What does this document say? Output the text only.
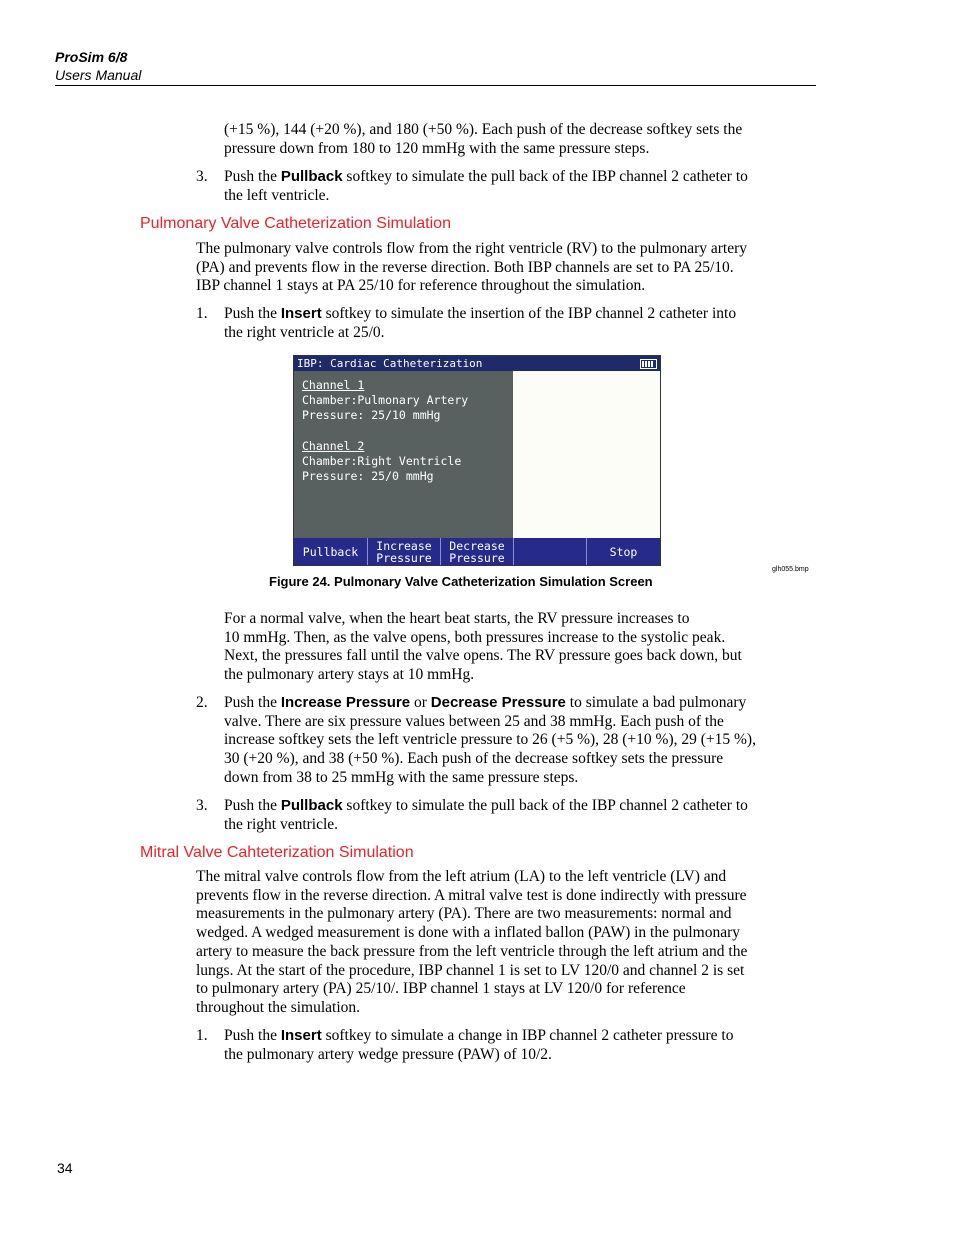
ProSim 6/8
Users Manual
(+15 %), 144 (+20 %), and 180 (+50 %). Each push of the decrease softkey sets the
pressure down from 180 to 120 mmHg with the same pressure steps.
3. Push the Pullback softkey to simulate the pull back of the IBP channel 2 catheter to
the left ventricle.
Pulmonary Valve Catheterization Simulation
The pulmonary valve controls flow from the right ventricle (RV) to the pulmonary artery
(PA) and prevents flow in the reverse direction. Both IBP channels are set to PA 25/10.
IBP channel 1 stays at PA 25/10 for reference throughout the simulation.
1. Push the Insert softkey to simulate the insertion of the IBP channel 2 catheter into
the right ventricle at 25/0.
IBP: Cardiac Catheterization
Channel 1
Chamber:Pulmonary Artery
Pressure: 25/10 mmHg
Channel 2
Chamber:Right Ventricle
Pressure: 25/0 mmHg
Pullback Increase
Pressure
Decrease
Pressure	Stop
glh055.bmp
Figure 24. Pulmonary Valve Catheterization Simulation Screen
For a normal valve, when the heart beat starts, the RV pressure increases to
10 mmHg. Then, as the valve opens, both pressures increase to the systolic peak.
Next, the pressures fall until the valve opens. The RV pressure goes back down, but
the pulmonary artery stays at 10 mmHg.
2. Push the Increase Pressure or Decrease Pressure to simulate a bad pulmonary
valve. There are six pressure values between 25 and 38 mmHg. Each push of the
increase softkey sets the left ventricle pressure to 26 (+5 %), 28 (+10 %), 29 (+15 %),
30 (+20 %), and 38 (+50 %). Each push of the decrease softkey sets the pressure
down from 38 to 25 mmHg with the same pressure steps.
3. Push the Pullback softkey to simulate the pull back of the IBP channel 2 catheter to
the right ventricle.
Mitral Valve Cahteterization Simulation
The mitral valve controls flow from the left atrium (LA) to the left ventricle (LV) and
prevents flow in the reverse direction. A mitral valve test is done indirectly with pressure
measurements in the pulmonary artery (PA). There are two measurements: normal and
wedged. A wedged measurement is done with a inflated ballon (PAW) in the pulmonary
artery to measure the back pressure from the left ventricle through the left atrium and the
lungs. At the start of the procedure, IBP channel 1 is set to LV 120/0 and channel 2 is set
to pulmonary artery (PA) 25/10/. IBP channel 1 stays at LV 120/0 for reference
throughout the simulation.
1. Push the Insert softkey to simulate a change in IBP channel 2 catheter pressure to
the pulmonary artery wedge pressure (PAW) of 10/2.
34
